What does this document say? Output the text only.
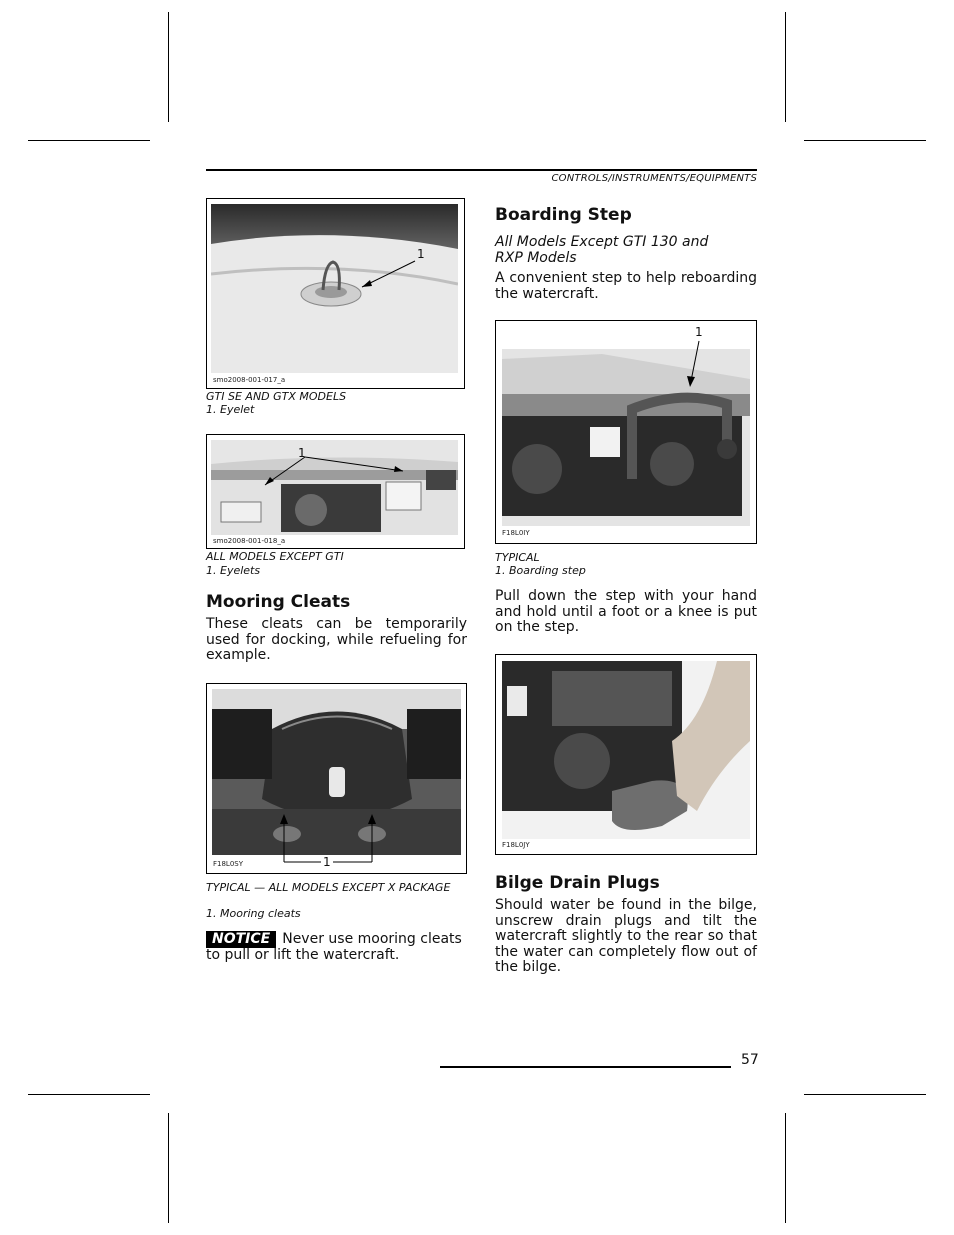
CONTROLS/INSTRUMENTS/EQUIPMENTS
1
smo2008-001-017_a
GTI SE AND GTX MODELS
1. Eyelet
1
smo2008-001-018_a
ALL MODELS EXCEPT GTI
1. Eyelets
Mooring Cleats
These cleats can be temporarily used for docking, while refueling for example.
1
F18L0SY
TYPICAL — ALL MODELS EXCEPT X PACKAGE
1. Mooring cleats
NOTICE Never use mooring cleats to pull or lift the watercraft.
Boarding Step
All Models Except GTI 130 and RXP Models
A convenient step to help reboarding the watercraft.
1
F18L0IY
TYPICAL
1. Boarding step
Pull down the step with your hand and hold until a foot or a knee is put on the step.
F18L0JY
Bilge Drain Plugs
Should water be found in the bilge, unscrew drain plugs and tilt the watercraft slightly to the rear so that the water can completely flow out of the bilge.
57
